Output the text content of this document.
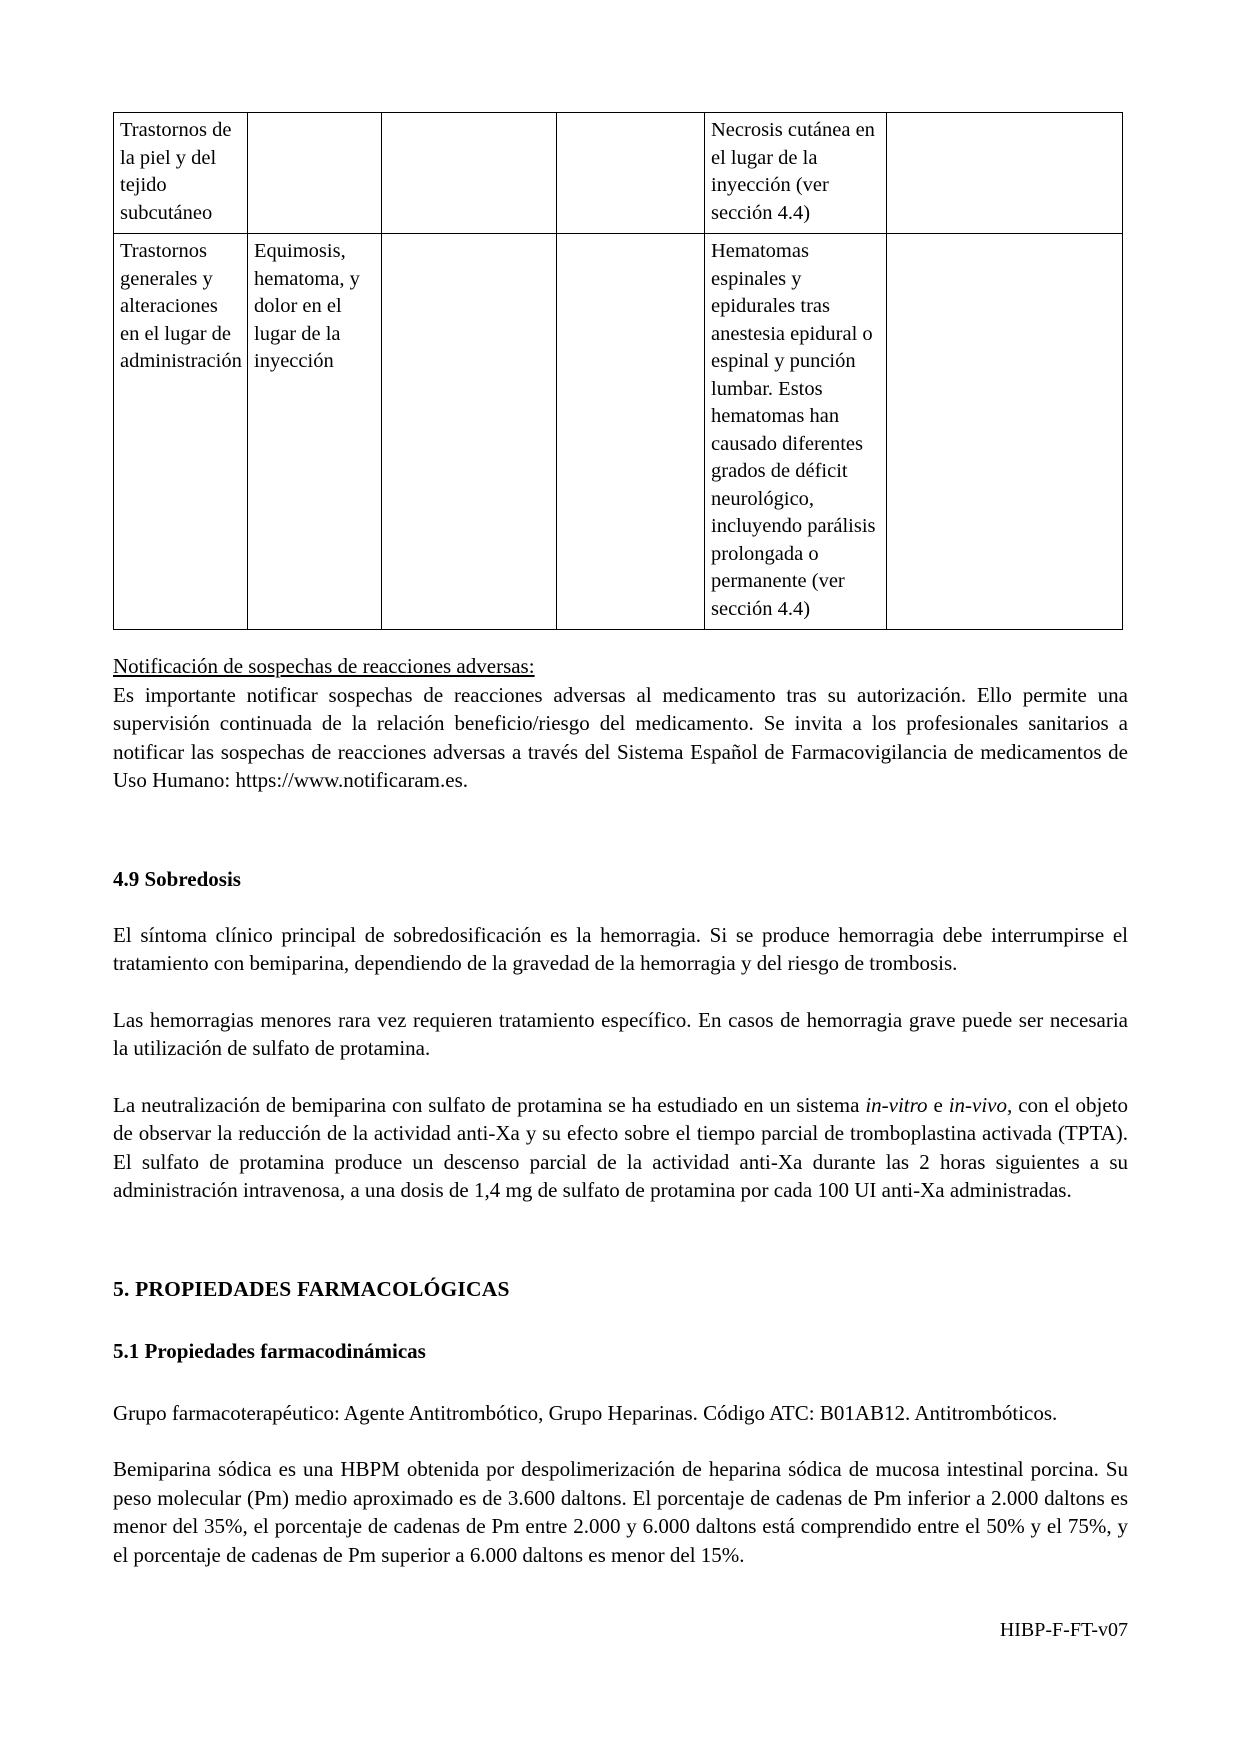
Trastornos de la piel y del tejido subcutáneo				Necrosis cutánea en el lugar de la inyección (ver sección 4.4)	
Trastornos generales y alteraciones en el lugar de administración	Equimosis, hematoma, y dolor en el lugar de la inyección			Hematomas espinales y epidurales tras anestesia epidural o espinal y punción lumbar. Estos hematomas han causado diferentes grados de déficit neurológico, incluyendo parálisis prolongada o permanente (ver sección 4.4)	

Notificación de sospechas de reacciones adversas:

Es importante notificar sospechas de reacciones adversas al medicamento tras su autorización. Ello permite una supervisión continuada de la relación beneficio/riesgo del medicamento. Se invita a los profesionales sanitarios a notificar las sospechas de reacciones adversas a través del Sistema Español de Farmacovigilancia de medicamentos de Uso Humano: https://www.notificaram.es.

4.9 Sobredosis

El síntoma clínico principal de sobredosificación es la hemorragia. Si se produce hemorragia debe interrumpirse el tratamiento con bemiparina, dependiendo de la gravedad de la hemorragia y del riesgo de trombosis.

Las hemorragias menores rara vez requieren tratamiento específico. En casos de hemorragia grave puede ser necesaria la utilización de sulfato de protamina.

La neutralización de bemiparina con sulfato de protamina se ha estudiado en un sistema in-vitro e in-vivo, con el objeto de observar la reducción de la actividad anti-Xa y su efecto sobre el tiempo parcial de tromboplastina activada (TPTA). El sulfato de protamina produce un descenso parcial de la actividad anti-Xa durante las 2 horas siguientes a su administración intravenosa, a una dosis de 1,4 mg de sulfato de protamina por cada 100 UI anti-Xa administradas.

5. PROPIEDADES FARMACOLÓGICAS
5.1 Propiedades farmacodinámicas

Grupo farmacoterapéutico: Agente Antitrombótico, Grupo Heparinas. Código ATC: B01AB12. Antitrombóticos.

Bemiparina sódica es una HBPM obtenida por despolimerización de heparina sódica de mucosa intestinal porcina. Su peso molecular (Pm) medio aproximado es de 3.600 daltons. El porcentaje de cadenas de Pm inferior a 2.000 daltons es menor del 35%, el porcentaje de cadenas de Pm entre 2.000 y 6.000 daltons está comprendido entre el 50% y el 75%, y el porcentaje de cadenas de Pm superior a 6.000 daltons es menor del 15%.

HIBP-F-FT-v07
